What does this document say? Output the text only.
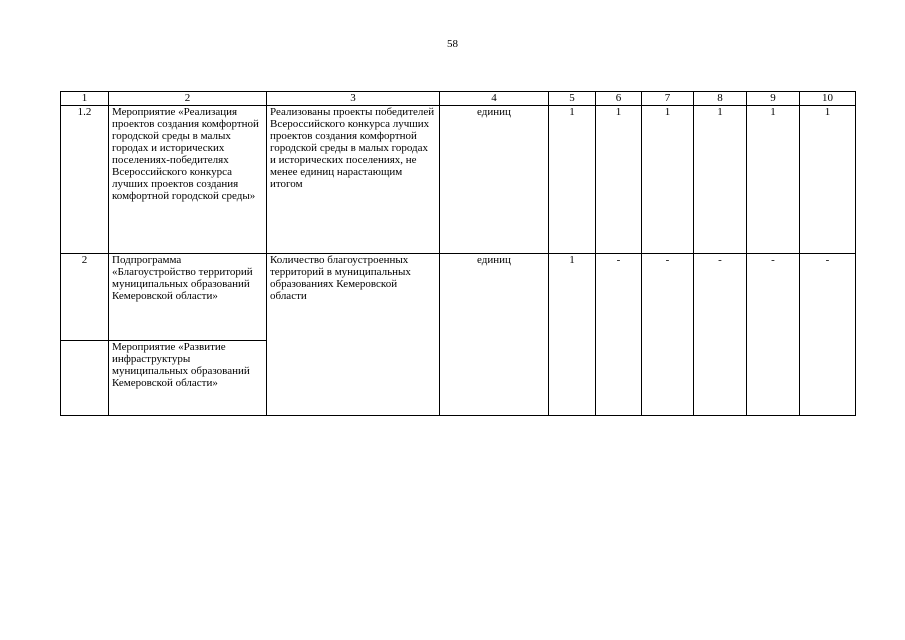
58
1	2	3	4	5	6	7	8	9	10
1.2	Мероприятие «Реализация проектов создания комфортной городской среды в малых городах и исторических поселениях-победителях Всероссийского конкурса лучших проектов создания комфортной городской среды»	Реализованы проекты победителей Всероссийского конкурса лучших проектов создания комфортной городской среды в малых городах и исторических поселениях, не менее единиц нарастающим итогом	единиц	1	1	1	1	1	1
2	Подпрограмма «Благоустройство территорий муниципальных образований Кемеровской области»	Количество благоустроенных территорий в муниципальных образованиях Кемеровской области	единиц	1	-	-	-	-	-
	Мероприятие «Развитие инфраструктуры муниципальных образований Кемеровской области»								
